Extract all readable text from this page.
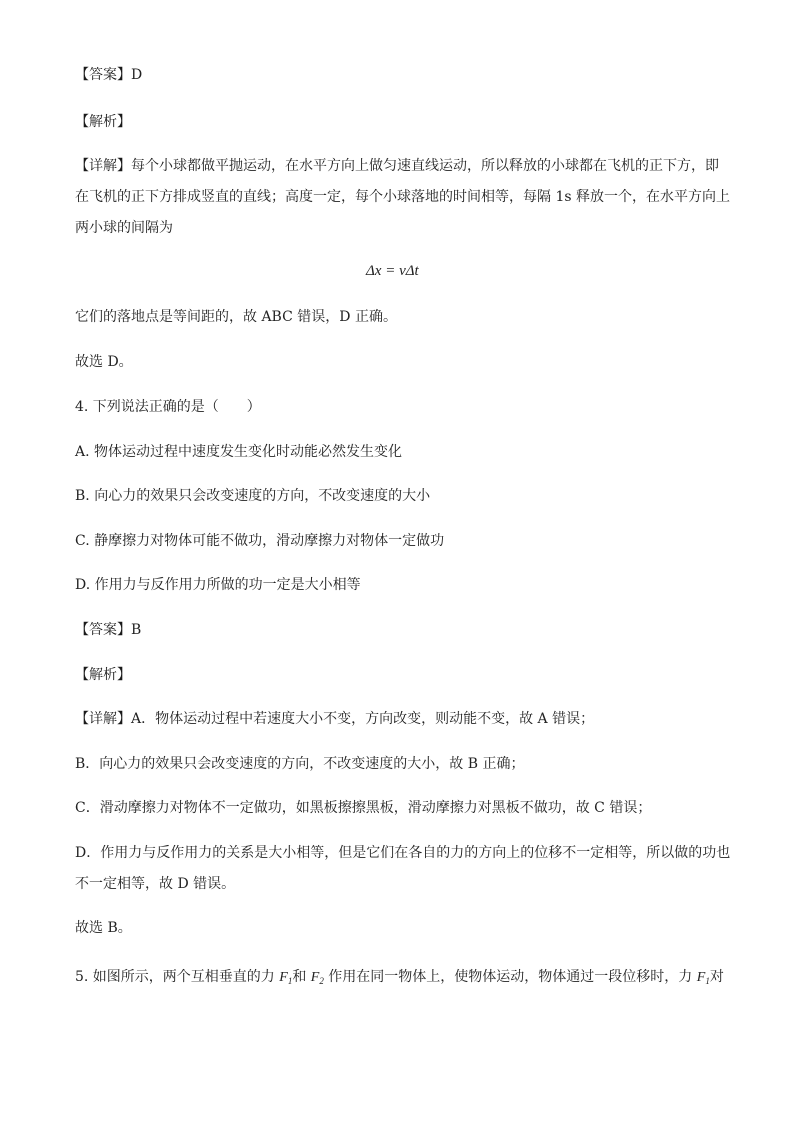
【答案】D
【解析】
【详解】每个小球都做平抛运动，在水平方向上做匀速直线运动，所以释放的小球都在飞机的正下方，即
在飞机的正下方排成竖直的直线；高度一定，每个小球落地的时间相等，每隔 1s 释放一个，在水平方向上
两小球的间隔为
Δx = vΔt
它们的落地点是等间距的，故 ABC 错误，D 正确。
故选 D。
4. 下列说法正确的是（　　）
A. 物体运动过程中速度发生变化时动能必然发生变化
B. 向心力的效果只会改变速度的方向，不改变速度的大小
C. 静摩擦力对物体可能不做功，滑动摩擦力对物体一定做功
D. 作用力与反作用力所做的功一定是大小相等
【答案】B
【解析】
【详解】A．物体运动过程中若速度大小不变，方向改变，则动能不变，故 A 错误；
B．向心力的效果只会改变速度的方向，不改变速度的大小，故 B 正确；
C．滑动摩擦力对物体不一定做功，如黑板擦擦黑板，滑动摩擦力对黑板不做功，故 C 错误；
D．作用力与反作用力的关系是大小相等，但是它们在各自的力的方向上的位移不一定相等，所以做的功也
不一定相等，故 D 错误。
故选 B。
5. 如图所示，两个互相垂直的力 $F_1$和 $F_2$ 作用在同一物体上，使物体运动，物体通过一段位移时，力 $F_1$对
